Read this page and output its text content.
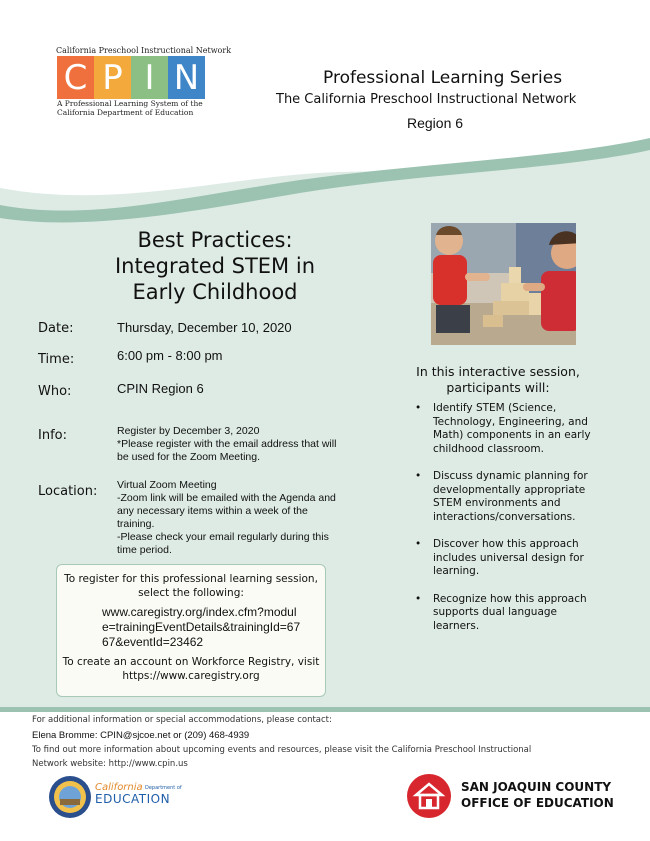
California Preschool Instructional Network
C P I N
A Professional Learning System of the
California Department of Education
Professional Learning Series
The California Preschool Instructional Network
Region 6
Best Practices:
Integrated STEM in
Early Childhood
Date:	Thursday, December 10, 2020
Time:	6:00 pm - 8:00 pm
Who:	CPIN Region 6
Info:	Register by December 3, 2020
*Please register with the email address that will be used for the Zoom Meeting.
Location: Virtual Zoom Meeting
-Zoom link will be emailed with the Agenda and any necessary items within a week of the training.
-Please check your email regularly during this time period.
To register for this professional learning session,
select the following:
www.caregistry.org/index.cfm?module=trainingEventDetails&trainingId=6767&eventId=23462
To create an account on Workforce Registry, visit
https://www.caregistry.org
In this interactive session,
participants will:
• Identify STEM (Science, Technology, Engineering, and Math) components in an early childhood classroom.
• Discuss dynamic planning for developmentally appropriate STEM environments and interactions/conversations.
• Discover how this approach includes universal design for learning.
• Recognize how this approach supports dual language learners.
For additional information or special accommodations, please contact:
Elena Bromme: CPIN@sjcoe.net or (209) 468-4939
To find out more information about upcoming events and resources, please visit the California Preschool Instructional
Network website: http://www.cpin.us
California Department of
EDUCATION
SAN JOAQUIN COUNTY
OFFICE OF EDUCATION
